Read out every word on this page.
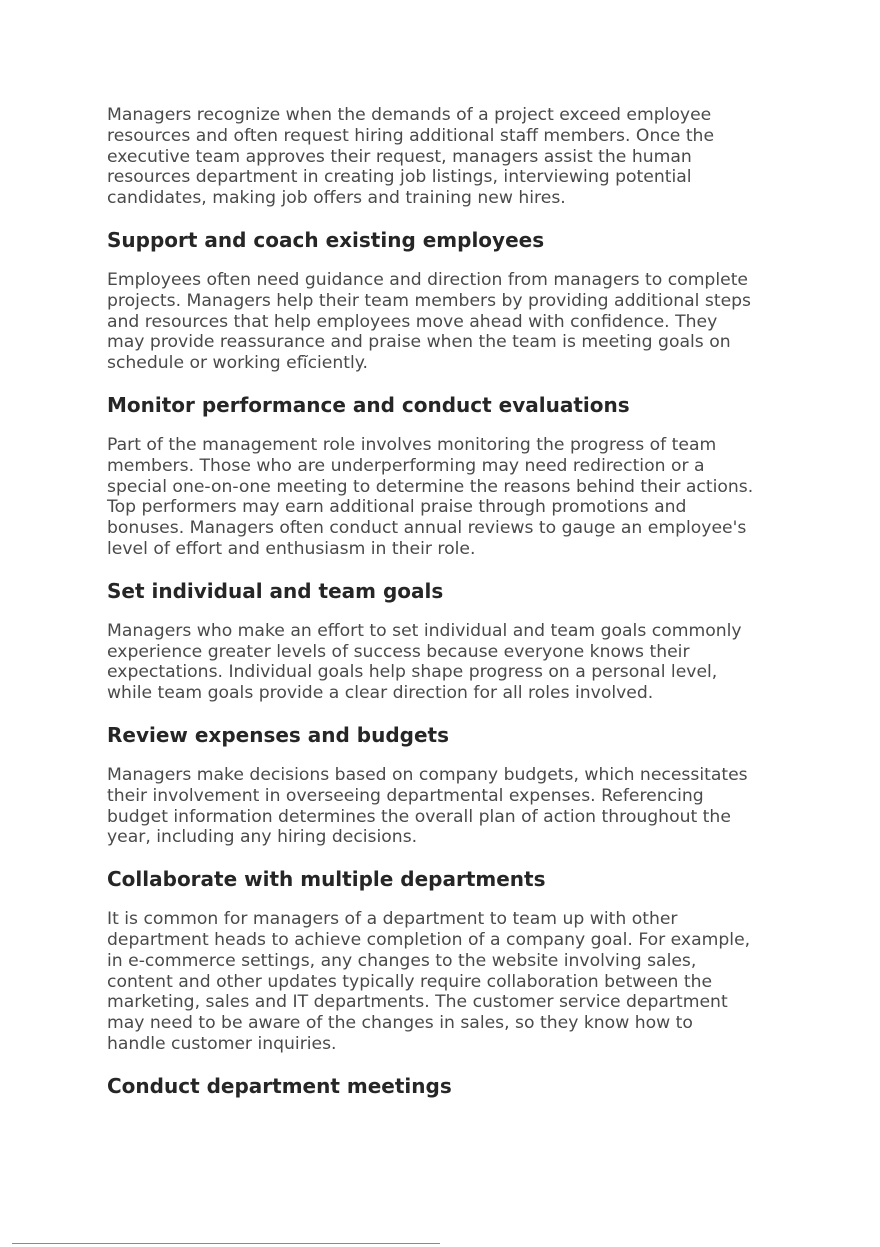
Managers recognize when the demands of a project exceed employee
resources and often request hiring additional staff members. Once the
executive team approves their request, managers assist the human
resources department in creating job listings, interviewing potential
candidates, making job offers and training new hires.

Support and coach existing employees

Employees often need guidance and direction from managers to complete
projects. Managers help their team members by providing additional steps
and resources that help employees move ahead with confidence. They
may provide reassurance and praise when the team is meeting goals on
schedule or working efĩciently.

Monitor performance and conduct evaluations

Part of the management role involves monitoring the progress of team
members. Those who are underperforming may need redirection or a
special one-on-one meeting to determine the reasons behind their actions.
Top performers may earn additional praise through promotions and
bonuses. Managers often conduct annual reviews to gauge an employee's
level of effort and enthusiasm in their role.

Set individual and team goals

Managers who make an effort to set individual and team goals commonly
experience greater levels of success because everyone knows their
expectations. Individual goals help shape progress on a personal level,
while team goals provide a clear direction for all roles involved.

Review expenses and budgets

Managers make decisions based on company budgets, which necessitates
their involvement in overseeing departmental expenses. Referencing
budget information determines the overall plan of action throughout the
year, including any hiring decisions.

Collaborate with multiple departments

It is common for managers of a department to team up with other
department heads to achieve completion of a company goal. For example,
in e-commerce settings, any changes to the website involving sales,
content and other updates typically require collaboration between the
marketing, sales and IT departments. The customer service department
may need to be aware of the changes in sales, so they know how to
handle customer inquiries.

Conduct department meetings
